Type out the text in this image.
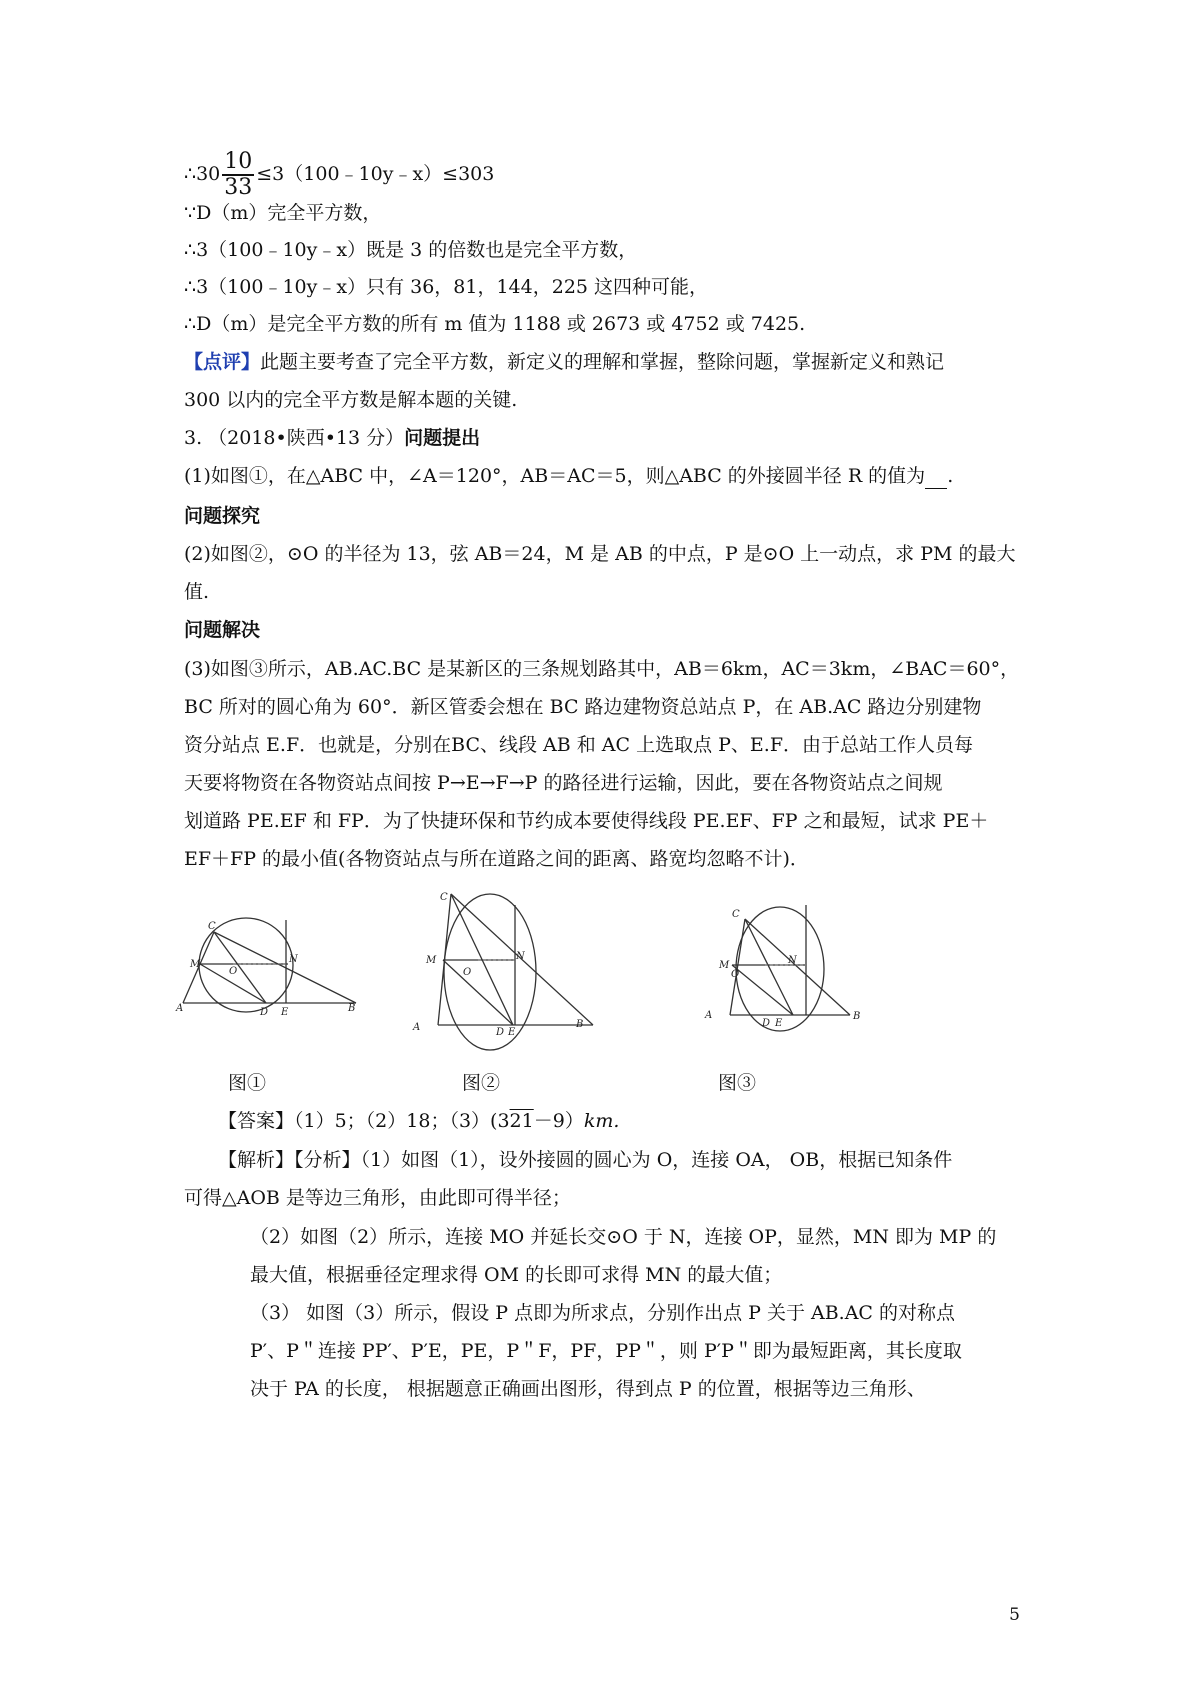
∴30 $\frac{10}{33}$ ≤3（100﹣10y﹣x）≤303
∵D（m）完全平方数，
∴3（100﹣10y﹣x）既是 3 的倍数也是完全平方数，
∴3（100﹣10y﹣x）只有 36，81，144，225 这四种可能，
∴D（m）是完全平方数的所有 m 值为 1188 或 2673 或 4752 或 7425.
【点评】此题主要考查了完全平方数，新定义的理解和掌握，整除问题，掌握新定义和熟记
300 以内的完全平方数是解本题的关键.
3. （2018•陕西•13 分）问题提出
(1)如图①，在△ABC 中，∠A＝120°，AB＝AC＝5，则△ABC 的外接圆半径 R 的值为 .
问题探究
(2)如图②，⊙O 的半径为 13，弦 AB＝24，M 是 AB 的中点，P 是⊙O 上一动点，求 PM 的最大
值.
问题解决
(3)如图③所示，AB.AC.BC 是某新区的三条规划路其中，AB＝6km，AC＝3km，∠BAC＝60°，
BC 所对的圆心角为 60°．新区管委会想在 BC 路边建物资总站点 P，在 AB.AC 路边分别建物
资分站点 E.F．也就是，分别在BC、线段 AB 和 AC 上选取点 P、E.F．由于总站工作人员每
天要将物资在各物资站点间按 P→E→F→P 的路径进行运输，因此，要在各物资站点之间规
划道路 PE.EF 和 FP．为了快捷环保和节约成本要使得线段 PE.EF、FP 之和最短，试求 PE＋
EF＋FP 的最小值(各物资站点与所在道路之间的距离、路宽均忽略不计)．
A	B
C
M
O
N
D E
A	B
C
M
O
N
D E
A	B
C
M
O
N
D E
图①	图②	图③
【答案】（1）5；（2）18；（3）(321－9）km.
【解析】【分析】（1）如图（1），设外接圆的圆心为 O，连接 OA， OB，根据已知条件
可得△AOB 是等边三角形，由此即可得半径；
（2）如图（2）所示，连接 MO 并延长交⊙O 于 N，连接 OP，显然，MN 即为 MP 的
最大值，根据垂径定理求得 OM 的长即可求得 MN 的最大值；
（3） 如图（3）所示，假设 P 点即为所求点，分别作出点 P 关于 AB.AC 的对称点
P′、P＂连接 PP′、P′E，PE，P＂F，PF，PP＂，则 P′P＂即为最短距离，其长度取
决于 PA 的长度， 根据题意正确画出图形，得到点 P 的位置，根据等边三角形、
5
